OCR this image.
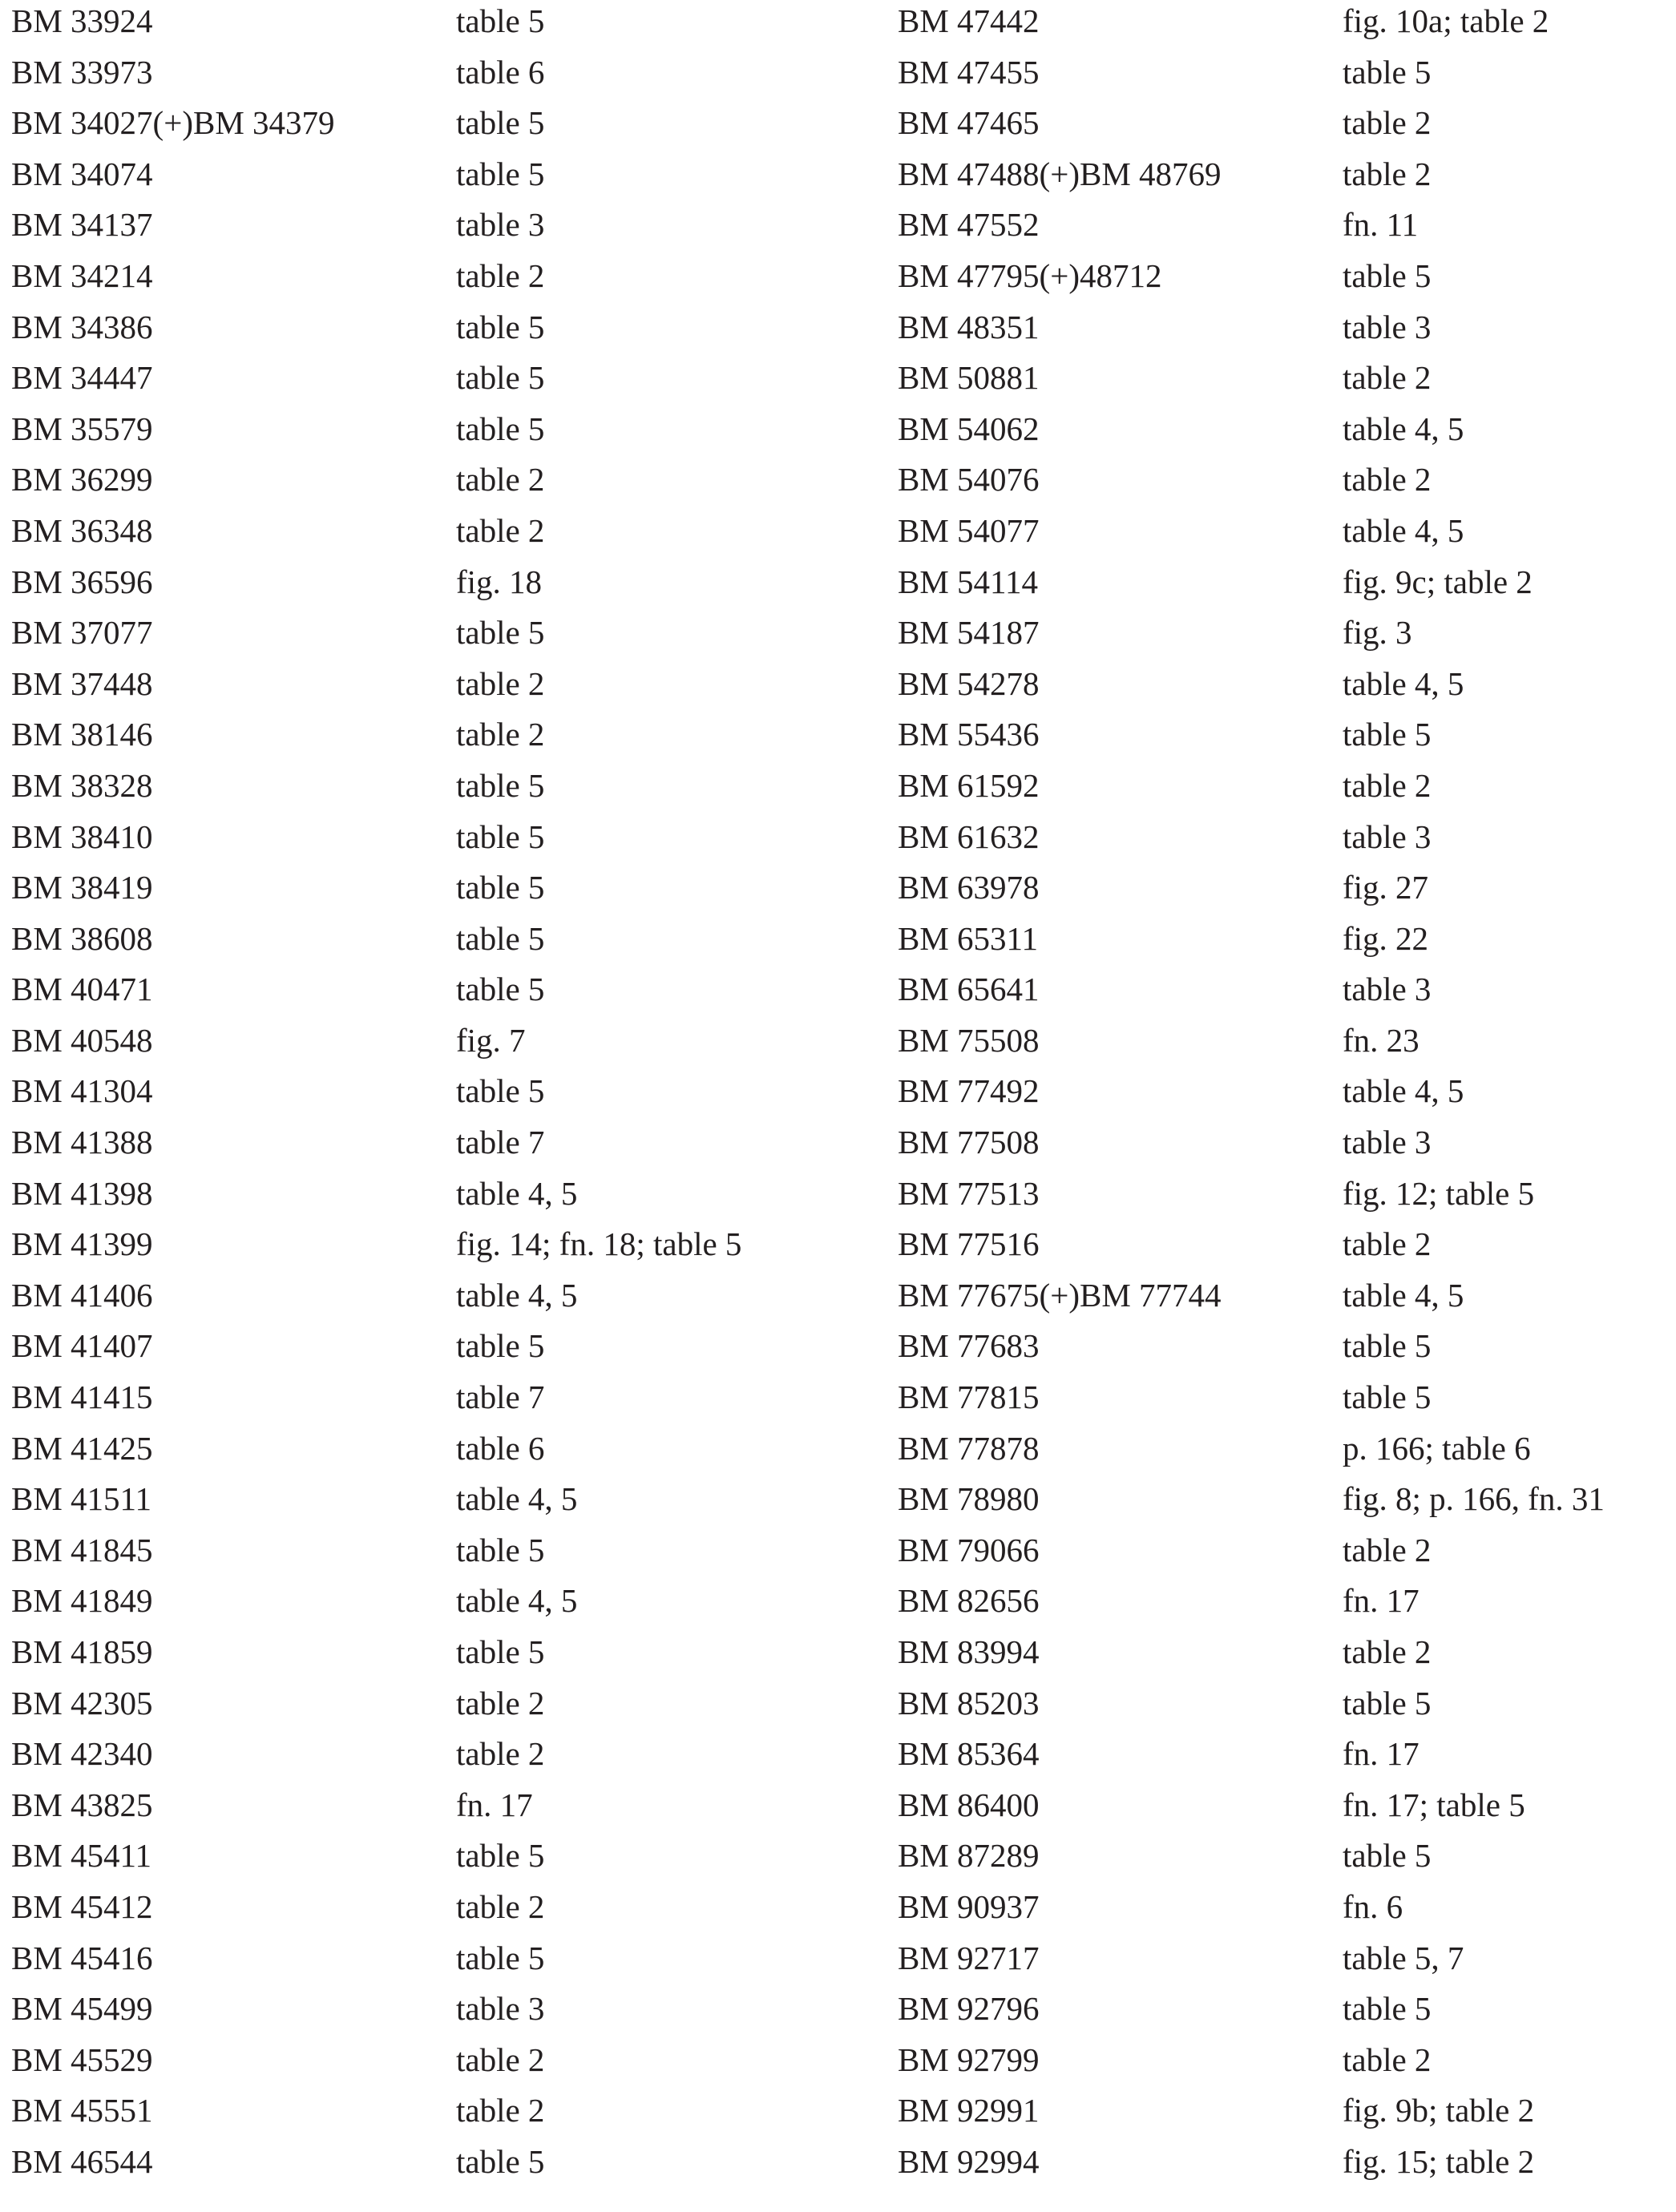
BM 33924	table 5
BM 33973	table 6
BM 34027(+)BM 34379	table 5
BM 34074	table 5
BM 34137	table 3
BM 34214	table 2
BM 34386	table 5
BM 34447	table 5
BM 35579	table 5
BM 36299	table 2
BM 36348	table 2
BM 36596	fig. 18
BM 37077	table 5
BM 37448	table 2
BM 38146	table 2
BM 38328	table 5
BM 38410	table 5
BM 38419	table 5
BM 38608	table 5
BM 40471	table 5
BM 40548	fig. 7
BM 41304	table 5
BM 41388	table 7
BM 41398	table 4, 5
BM 41399	fig. 14; fn. 18; table 5
BM 41406	table 4, 5
BM 41407	table 5
BM 41415	table 7
BM 41425	table 6
BM 41511	table 4, 5
BM 41845	table 5
BM 41849	table 4, 5
BM 41859	table 5
BM 42305	table 2
BM 42340	table 2
BM 43825	fn. 17
BM 45411	table 5
BM 45412	table 2
BM 45416	table 5
BM 45499	table 3
BM 45529	table 2
BM 45551	table 2
BM 46544	table 5
BM 47442	fig. 10a; table 2
BM 47455	table 5
BM 47465	table 2
BM 47488(+)BM 48769	table 2
BM 47552	fn. 11
BM 47795(+)48712	table 5
BM 48351	table 3
BM 50881	table 2
BM 54062	table 4, 5
BM 54076	table 2
BM 54077	table 4, 5
BM 54114	fig. 9c; table 2
BM 54187	fig. 3
BM 54278	table 4, 5
BM 55436	table 5
BM 61592	table 2
BM 61632	table 3
BM 63978	fig. 27
BM 65311	fig. 22
BM 65641	table 3
BM 75508	fn. 23
BM 77492	table 4, 5
BM 77508	table 3
BM 77513	fig. 12; table 5
BM 77516	table 2
BM 77675(+)BM 77744	table 4, 5
BM 77683	table 5
BM 77815	table 5
BM 77878	p. 166; table 6
BM 78980	fig. 8; p. 166, fn. 31
BM 79066	table 2
BM 82656	fn. 17
BM 83994	table 2
BM 85203	table 5
BM 85364	fn. 17
BM 86400	fn. 17; table 5
BM 87289	table 5
BM 90937	fn. 6
BM 92717	table 5, 7
BM 92796	table 5
BM 92799	table 2
BM 92991	fig. 9b; table 2
BM 92994	fig. 15; table 2
